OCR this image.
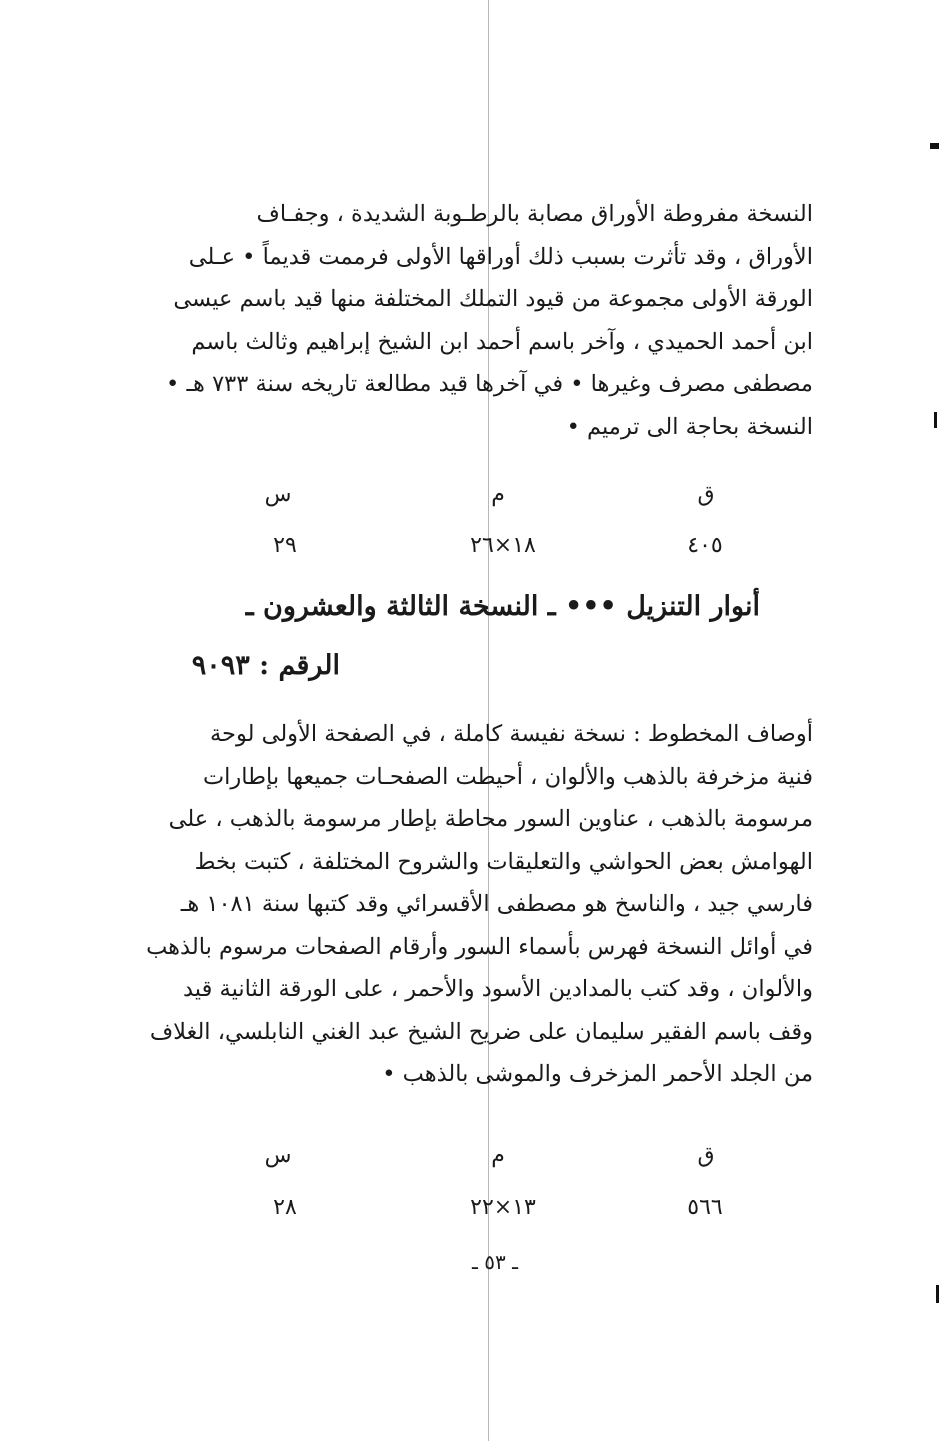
النسخة مفروطة الأوراق مصابة بالرطـوبة الشديدة ، وجفـاف
الأوراق ، وقد تأثرت بسبب ذلك أوراقها الأولى فرممت قديماً • عـلى
الورقة الأولى مجموعة من قيود التملك المختلفة منها قيد باسم عيسى
ابن أحمد الحميدي ، وآخر باسم أحمد ابن الشيخ إبراهيم وثالث باسم
مصطفى مصرف وغيرها • في آخرها قيد مطالعة تاريخه سنة ٧٣٣ هـ •
النسخة بحاجة الى ترميم •
ق
م
س
٤٠٥
١٨×٢٦
٢٩
أنوار التنزيل ••• ـ النسخة الثالثة والعشرون ـ
الرقم : ٩٠٩٣
أوصاف المخطوط : نسخة نفيسة كاملة ، في الصفحة الأولى لوحة
فنية مزخرفة بالذهب والألوان ، أحيطت الصفحـات جميعها بإطارات
مرسومة بالذهب ، عناوين السور محاطة بإطار مرسومة بالذهب ، على
الهوامش بعض الحواشي والتعليقات والشروح المختلفة ، كتبت بخط
فارسي جيد ، والناسخ هو مصطفى الأقسرائي وقد كتبها سنة ١٠٨١ هـ
في أوائل النسخة فهرس بأسماء السور وأرقام الصفحات مرسوم بالذهب
والألوان ، وقد كتب بالمدادين الأسود والأحمر ، على الورقة الثانية قيد
وقف باسم الفقير سليمان على ضريح الشيخ عبد الغني النابلسي، الغلاف
من الجلد الأحمر المزخرف والموشى بالذهب •
ق
م
س
٥٦٦
١٣×٢٢
٢٨
ـ ٥٣ ـ
